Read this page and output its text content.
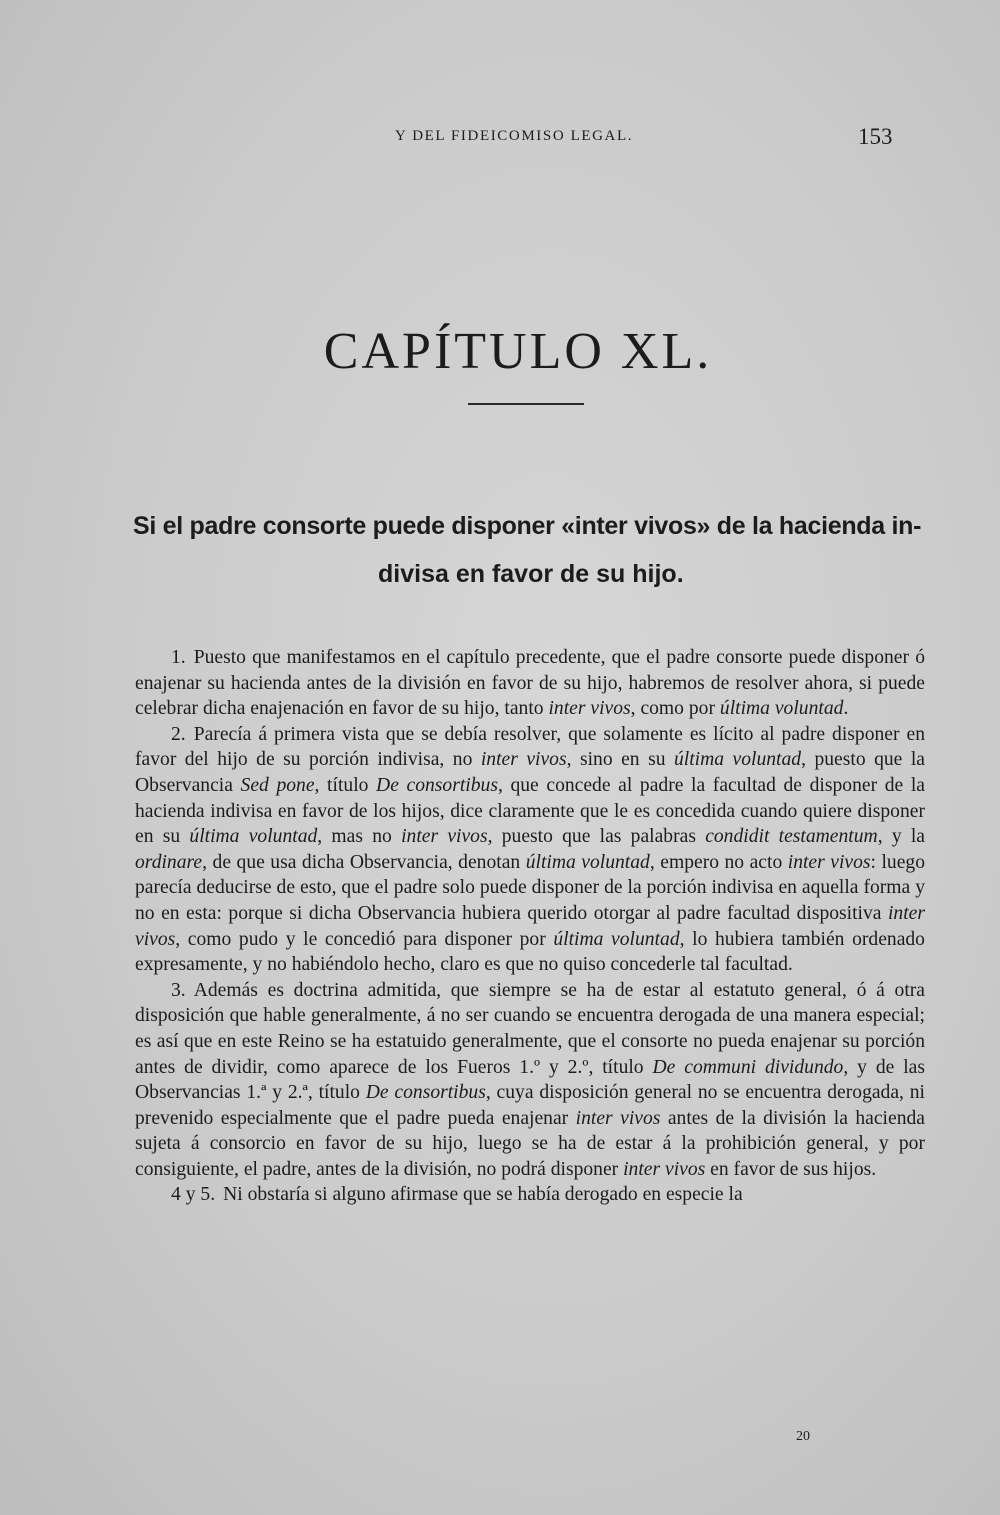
Y DEL FIDEICOMISO LEGAL.	153
CAPÍTULO XL.
Si el padre consorte puede disponer «inter vivos» de la hacienda in-
divisa en favor de su hijo.

1. Puesto que manifestamos en el capítulo precedente, que el padre consorte puede disponer ó enajenar su hacienda antes de la división en favor de su hijo, habremos de resolver ahora, si puede celebrar dicha enajenación en favor de su hijo, tanto inter vivos, como por última voluntad.

2. Parecía á primera vista que se debía resolver, que solamente es lícito al padre disponer en favor del hijo de su porción indivisa, no inter vivos, sino en su última voluntad, puesto que la Observancia Sed pone, título De consortibus, que concede al padre la facultad de disponer de la hacienda indivisa en favor de los hijos, dice claramente que le es concedida cuando quiere disponer en su última voluntad, mas no inter vivos, puesto que las palabras condidit testamentum, y la ordinare, de que usa dicha Observancia, denotan última voluntad, empero no acto inter vivos: luego parecía deducirse de esto, que el padre solo puede disponer de la porción indivisa en aquella forma y no en esta: porque si dicha Observancia hubiera querido otorgar al padre facultad dispositiva inter vivos, como pudo y le concedió para disponer por última voluntad, lo hubiera también ordenado expresamente, y no habiéndolo hecho, claro es que no quiso concederle tal facultad.

3. Además es doctrina admitida, que siempre se ha de estar al estatuto general, ó á otra disposición que hable generalmente, á no ser cuando se encuentra derogada de una manera especial; es así que en este Reino se ha estatuido generalmente, que el consorte no pueda enajenar su porción antes de dividir, como aparece de los Fueros 1.º y 2.º, título De communi dividundo, y de las Observancias 1.ª y 2.ª, título De consortibus, cuya disposición general no se encuentra derogada, ni prevenido especialmente que el padre pueda enajenar inter vivos antes de la división la hacienda sujeta á consorcio en favor de su hijo, luego se ha de estar á la prohibición general, y por consiguiente, el padre, antes de la división, no podrá disponer inter vivos en favor de sus hijos.

4 y 5. Ni obstaría si alguno afirmase que se había derogado en especie la

20
